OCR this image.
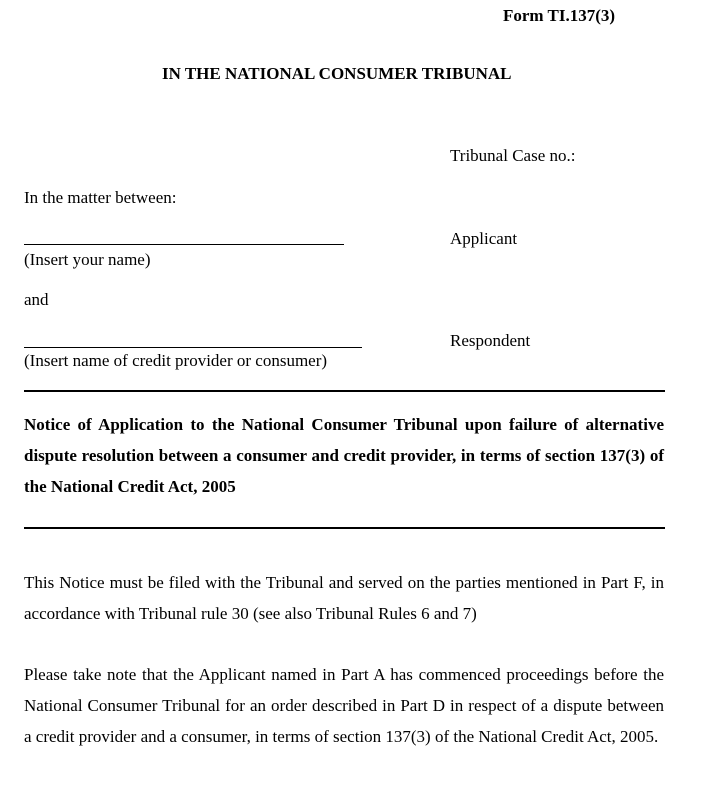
Form TI.137(3)
IN THE NATIONAL CONSUMER TRIBUNAL
Tribunal Case no.:
In the matter between:
Applicant
(Insert your name)
and
Respondent
(Insert name of credit provider or consumer)
Notice of Application to the National Consumer Tribunal upon failure of alternative dispute resolution between a consumer and credit provider, in terms of section 137(3) of the National Credit Act, 2005
This Notice must be filed with the Tribunal and served on the parties mentioned in Part F, in accordance with Tribunal rule 30 (see also Tribunal Rules 6 and 7)
Please take note that the Applicant named in Part A has commenced proceedings before the National Consumer Tribunal for an order described in Part D in respect of a dispute between a credit provider and a consumer, in terms of section 137(3) of the National Credit Act, 2005.
